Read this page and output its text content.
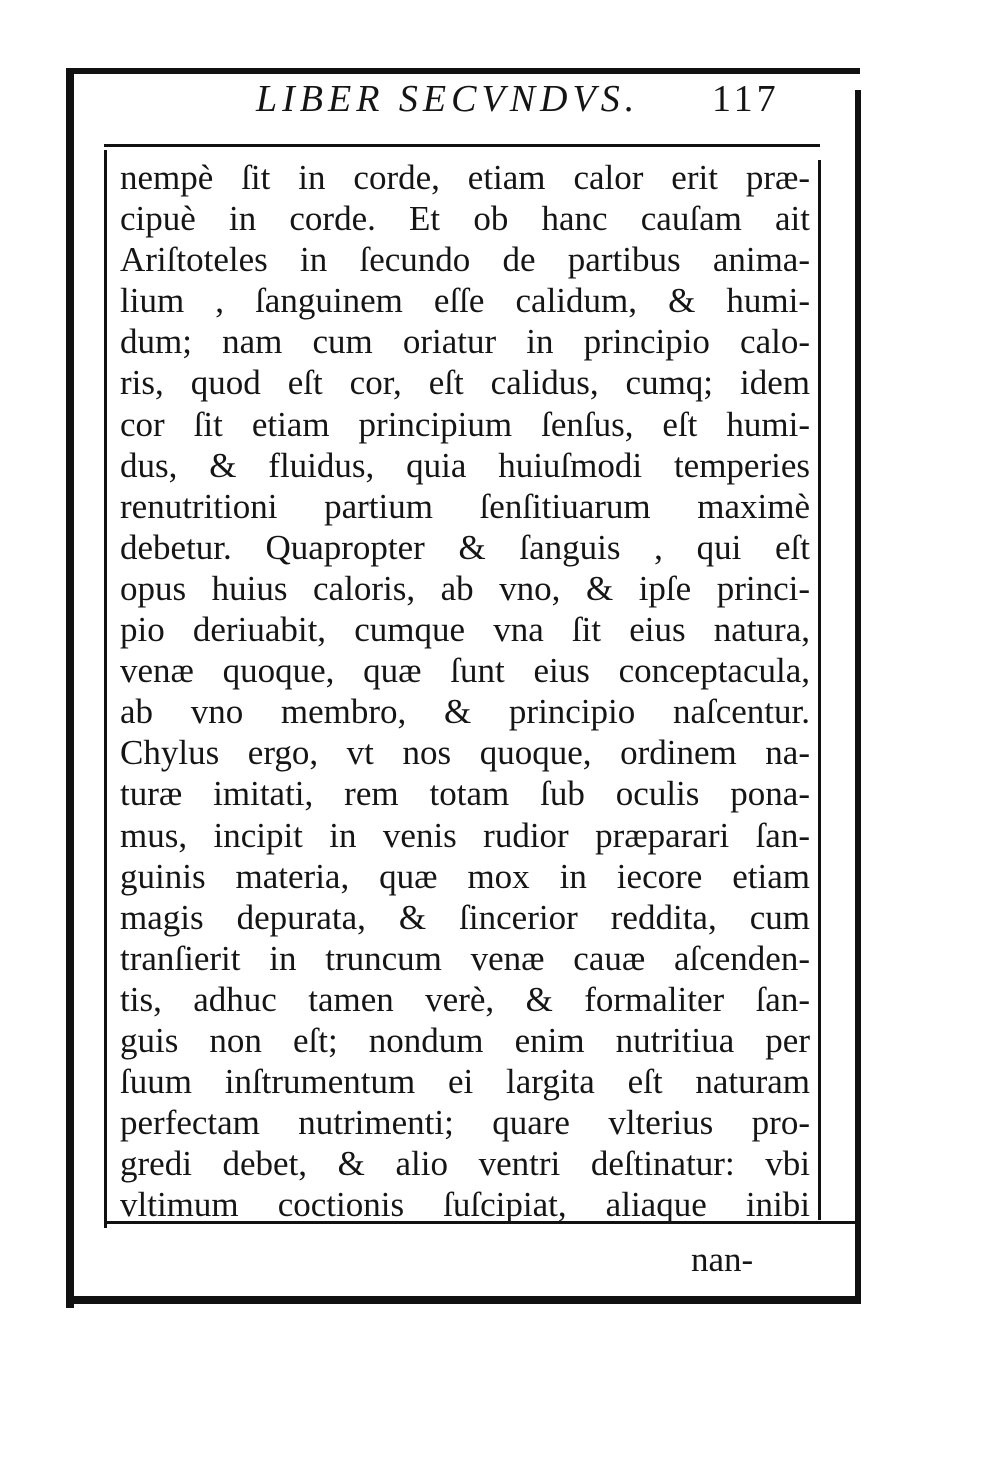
LIBER SECVNDVS. 117
nempè ſit in corde, etiam calor erit præ-
cipuè in corde. Et ob hanc cauſam ait
Ariſtoteles in ſecundo de partibus anima-
lium , ſanguinem eſſe calidum, & humi-
dum; nam cum oriatur in principio calo-
ris, quod eſt cor, eſt calidus, cumq; idem
cor ſit etiam principium ſenſus, eſt humi-
dus, & fluidus, quia huiuſmodi temperies
renutritioni partium ſenſitiuarum maximè
debetur. Quapropter & ſanguis , qui eſt
opus huius caloris, ab vno, & ipſe princi-
pio deriuabit, cumque vna ſit eius natura,
venæ quoque, quæ ſunt eius conceptacula,
ab vno membro, & principio naſcentur.
Chylus ergo, vt nos quoque, ordinem na-
turæ imitati, rem totam ſub oculis pona-
mus, incipit in venis rudior præparari ſan-
guinis materia, quæ mox in iecore etiam
magis depurata, & ſincerior reddita, cum
tranſierit in truncum venæ cauæ aſcenden-
tis, adhuc tamen verè, & formaliter ſan-
guis non eſt; nondum enim nutritiua per
ſuum inſtrumentum ei largita eſt naturam
perfectam nutrimenti; quare vlterius pro-
gredi debet, & alio ventri deſtinatur: vbi
vltimum coctionis ſuſcipiat, aliaque inibi
nan-
